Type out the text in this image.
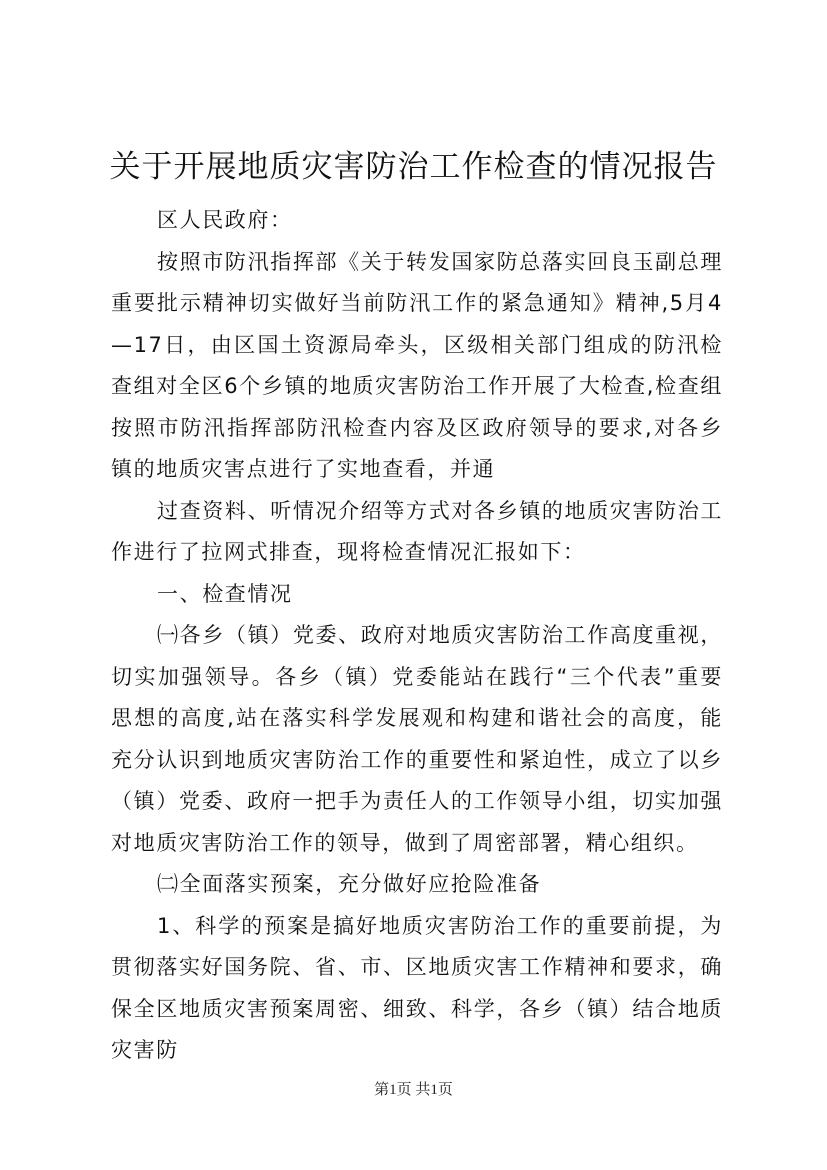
关于开展地质灾害防治工作检查的情况报告

区人民政府：

按照市防汛指挥部《关于转发国家防总落实回良玉副总理重要批示精神切实做好当前防汛工作的紧急通知》精神,5月4—17日，由区国土资源局牵头，区级相关部门组成的防汛检查组对全区6个乡镇的地质灾害防治工作开展了大检查,检查组按照市防汛指挥部防汛检查内容及区政府领导的要求,对各乡镇的地质灾害点进行了实地查看，并通

过查资料、听情况介绍等方式对各乡镇的地质灾害防治工作进行了拉网式排查，现将检查情况汇报如下：

一、检查情况

㈠各乡（镇）党委、政府对地质灾害防治工作高度重视，切实加强领导。各乡（镇）党委能站在践行“三个代表”重要思想的高度,站在落实科学发展观和构建和谐社会的高度，能充分认识到地质灾害防治工作的重要性和紧迫性，成立了以乡（镇）党委、政府一把手为责任人的工作领导小组，切实加强对地质灾害防治工作的领导，做到了周密部署，精心组织。

㈡全面落实预案，充分做好应抢险准备

1、科学的预案是搞好地质灾害防治工作的重要前提，为贯彻落实好国务院、省、市、区地质灾害工作精神和要求，确保全区地质灾害预案周密、细致、科学，各乡（镇）结合地质灾害防

第1页 共1页
